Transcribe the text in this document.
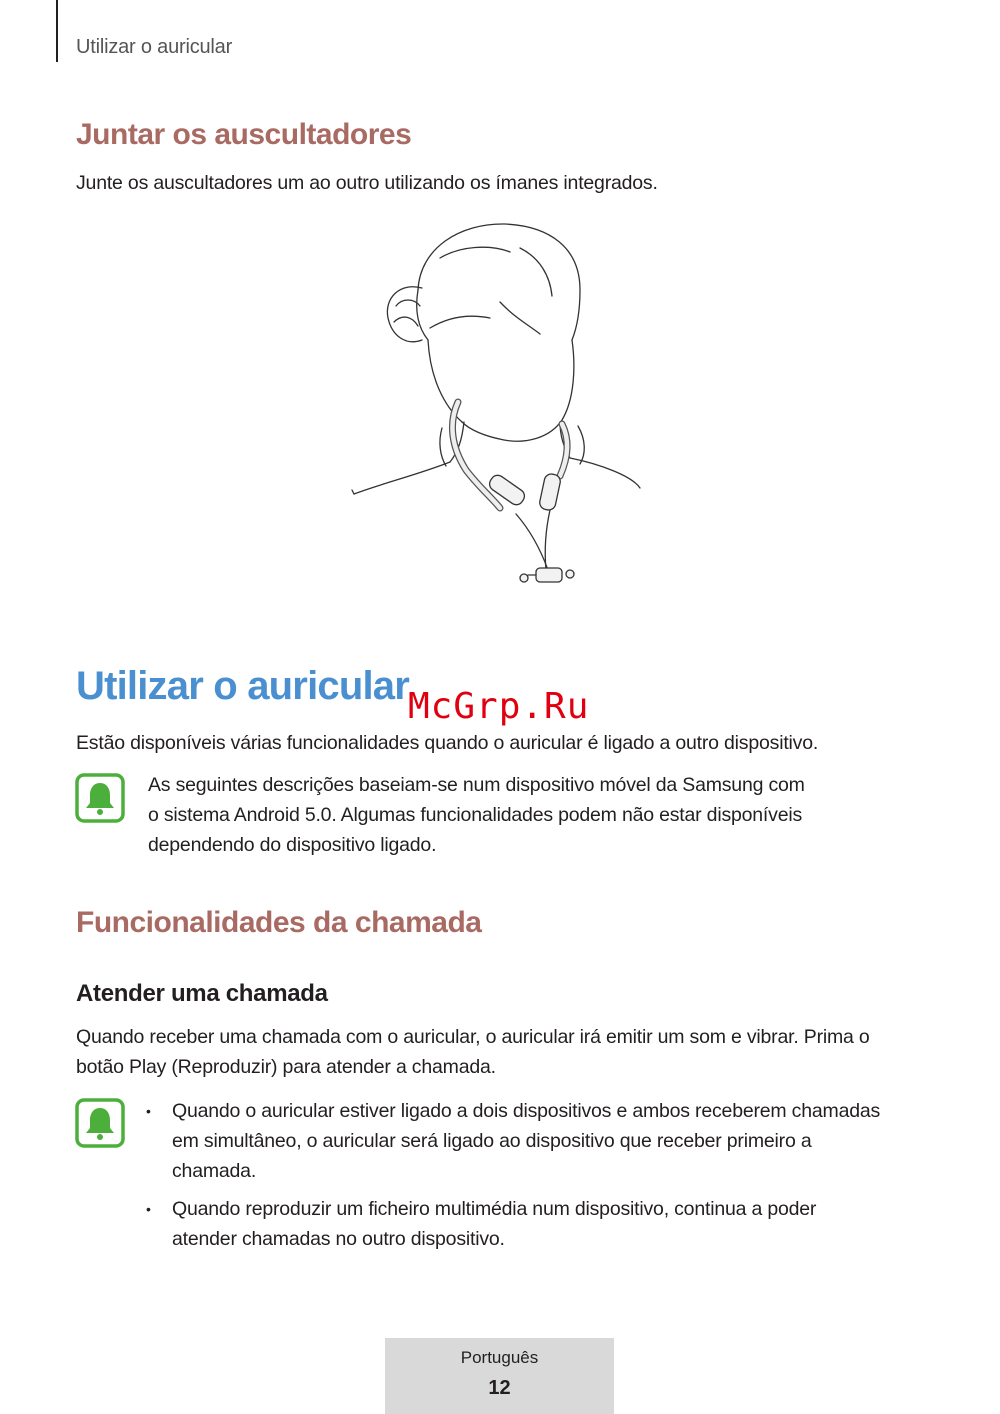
Utilizar o auricular
Juntar os auscultadores
Junte os auscultadores um ao outro utilizando os ímanes integrados.
Utilizar o auricular McGrp.Ru
Estão disponíveis várias funcionalidades quando o auricular é ligado a outro dispositivo.
As seguintes descrições baseiam-se num dispositivo móvel da Samsung com
o sistema Android 5.0. Algumas funcionalidades podem não estar disponíveis
dependendo do dispositivo ligado.
Funcionalidades da chamada
Atender uma chamada
Quando receber uma chamada com o auricular, o auricular irá emitir um som e vibrar. Prima o
botão Play (Reproduzir) para atender a chamada.
• Quando o auricular estiver ligado a dois dispositivos e ambos receberem chamadas
em simultâneo, o auricular será ligado ao dispositivo que receber primeiro a
chamada.
• Quando reproduzir um ficheiro multimédia num dispositivo, continua a poder
atender chamadas no outro dispositivo.
Português
12
